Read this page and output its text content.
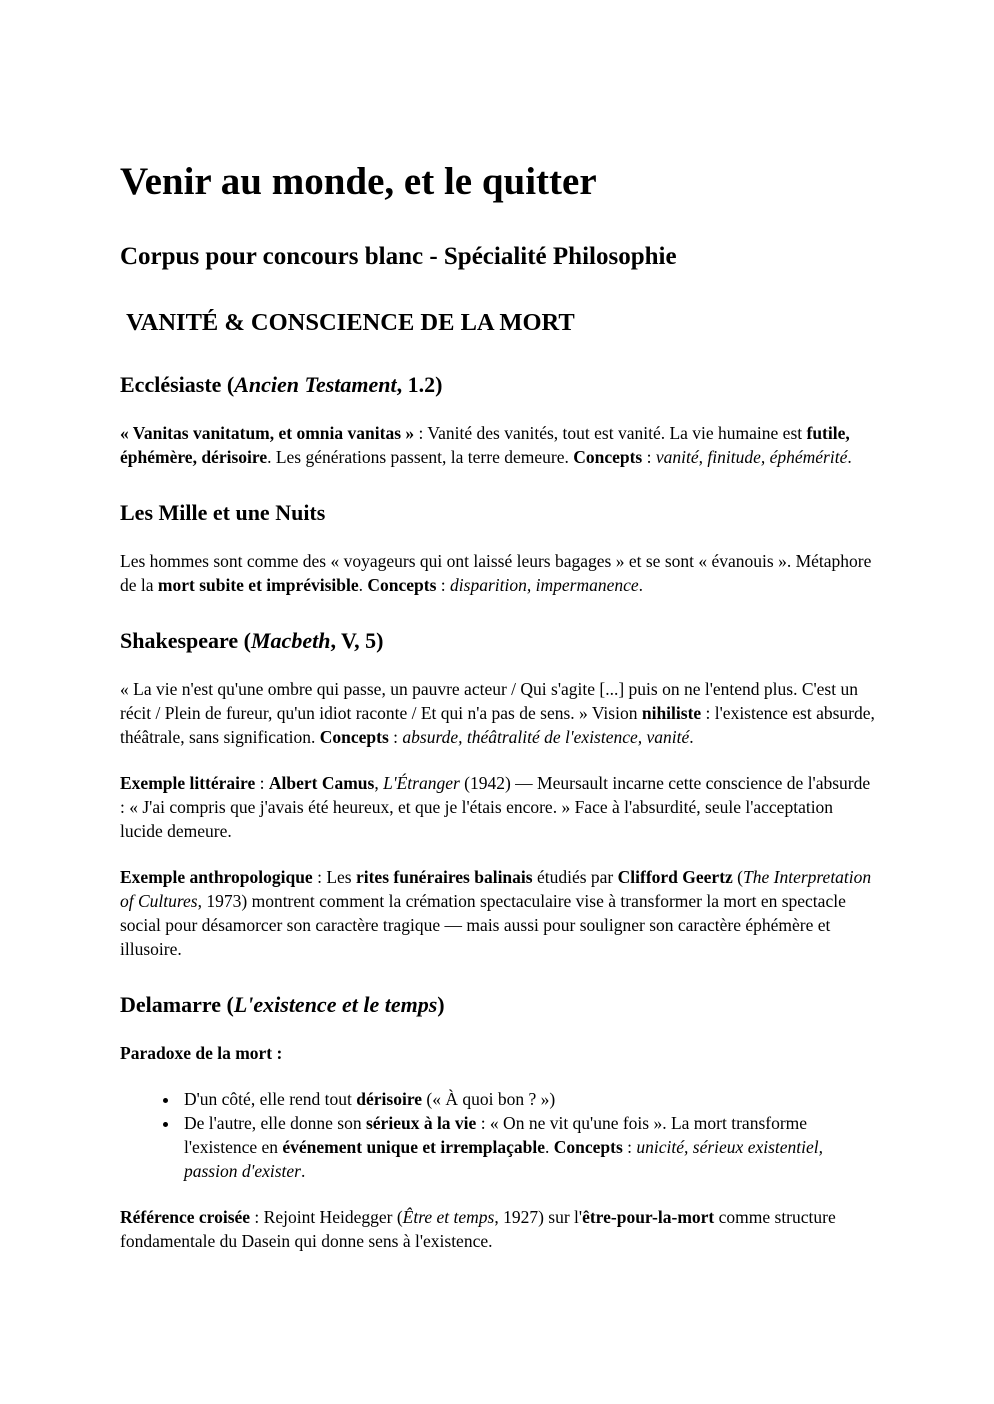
Venir au monde, et le quitter
Corpus pour concours blanc - Spécialité Philosophie
VANITÉ & CONSCIENCE DE LA MORT
Ecclésiaste (Ancien Testament, 1.2)

« Vanitas vanitatum, et omnia vanitas » : Vanité des vanités, tout est vanité. La vie humaine est futile, éphémère, dérisoire. Les générations passent, la terre demeure. Concepts : vanité, finitude, éphémérité.

Les Mille et une Nuits

Les hommes sont comme des « voyageurs qui ont laissé leurs bagages » et se sont « évanouis ». Métaphore de la mort subite et imprévisible. Concepts : disparition, impermanence.

Shakespeare (Macbeth, V, 5)

« La vie n'est qu'une ombre qui passe, un pauvre acteur / Qui s'agite [...] puis on ne l'entend plus. C'est un récit / Plein de fureur, qu'un idiot raconte / Et qui n'a pas de sens. » Vision nihiliste : l'existence est absurde, théâtrale, sans signification. Concepts : absurde, théâtralité de l'existence, vanité.

Exemple littéraire : Albert Camus, L'Étranger (1942) — Meursault incarne cette conscience de l'absurde : « J'ai compris que j'avais été heureux, et que je l'étais encore. » Face à l'absurdité, seule l'acceptation lucide demeure.

Exemple anthropologique : Les rites funéraires balinais étudiés par Clifford Geertz (The Interpretation of Cultures, 1973) montrent comment la crémation spectaculaire vise à transformer la mort en spectacle social pour désamorcer son caractère tragique — mais aussi pour souligner son caractère éphémère et illusoire.

Delamarre (L'existence et le temps)
Paradoxe de la mort :
• D'un côté, elle rend tout dérisoire (« À quoi bon ? »)
• De l'autre, elle donne son sérieux à la vie : « On ne vit qu'une fois ». La mort transforme l'existence en événement unique et irremplaçable. Concepts : unicité, sérieux existentiel, passion d'exister.

Référence croisée : Rejoint Heidegger (Être et temps, 1927) sur l'être-pour-la-mort comme structure fondamentale du Dasein qui donne sens à l'existence.
